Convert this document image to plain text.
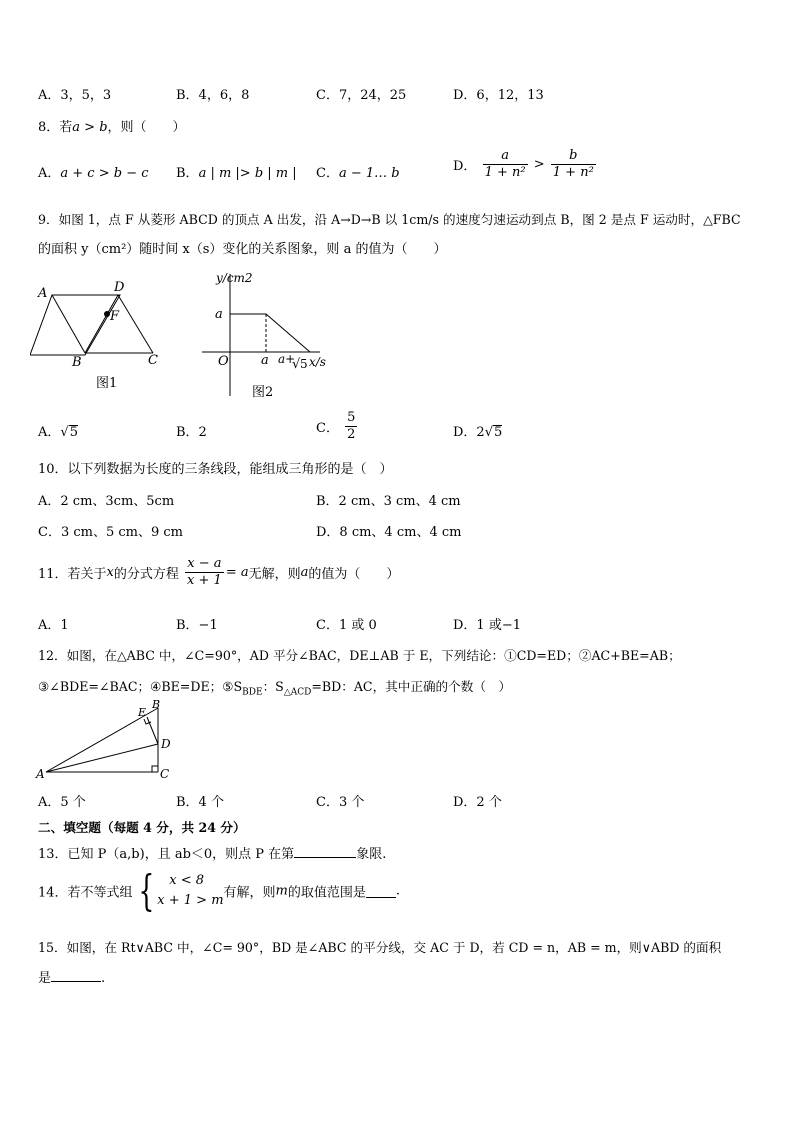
A．3，5，3	B．4，6，8	C．7，24，25	D．6，12，13
8．若a > b，则（　　）
A．a + c > b − c B．a | m |> b | m | C．a − 1… b	D． $\frac{a}{\text{1 + n²}} > \frac{b}{\text{1 + n²}}$
9．如图 1，点 F 从菱形 ABCD 的顶点 A 出发，沿 A→D→B 以 1cm/s 的速度匀速运动到点 B，图 2 是点 F 运动时，△FBC
的面积 y（cm²）随时间 x（s）变化的关系图象，则 a 的值为（　　）
A	D
F
B	C
图1
y/cm2
a
O a a+
√ 5 x/s
图2
A．√5	B．2	C． $\frac{5}{2}$	D．2√5
10．以下列数据为长度的三条线段，能组成三角形的是（　）
A．2 cm、3cm、5cm	B．2 cm、3 cm、4 cm
C．3 cm、5 cm、9 cm	D．8 cm、4 cm、4 cm
11．若关于x的分式方程 $\frac{x - a}{x + 1} = a$无解，则a的值为（　　）
A．1	B．−1	C．1 或 0	D．1 或−1
12．如图，在△ABC 中，∠C=90°，AD 平分∠BAC，DE⊥AB 于 E，下列结论：①CD=ED；②AC+BE=AB；
③∠BDE=∠BAC；④BE=DE；$⑤S_{BDE}$：$S_{\triangle ACD}=BD$：AC，其中正确的个数（　）
A
B
E
D
C
A．5 个	B．4 个	C．3 个	D．2 个
二、填空题（每题 4 分，共 24 分）
13．已知 P（a,b)，且 ab＜0，则点 P 在第	象限.
14．若不等式组 {	x < 8
x + 1 > m 有解，则m的取值范围是 .
15．如图，在 Rt∨ABC 中，∠C= 90°，BD 是∠ABC 的平分线，交 AC 于 D，若 CD = n，AB = m，则∨ABD 的面积
是	.
